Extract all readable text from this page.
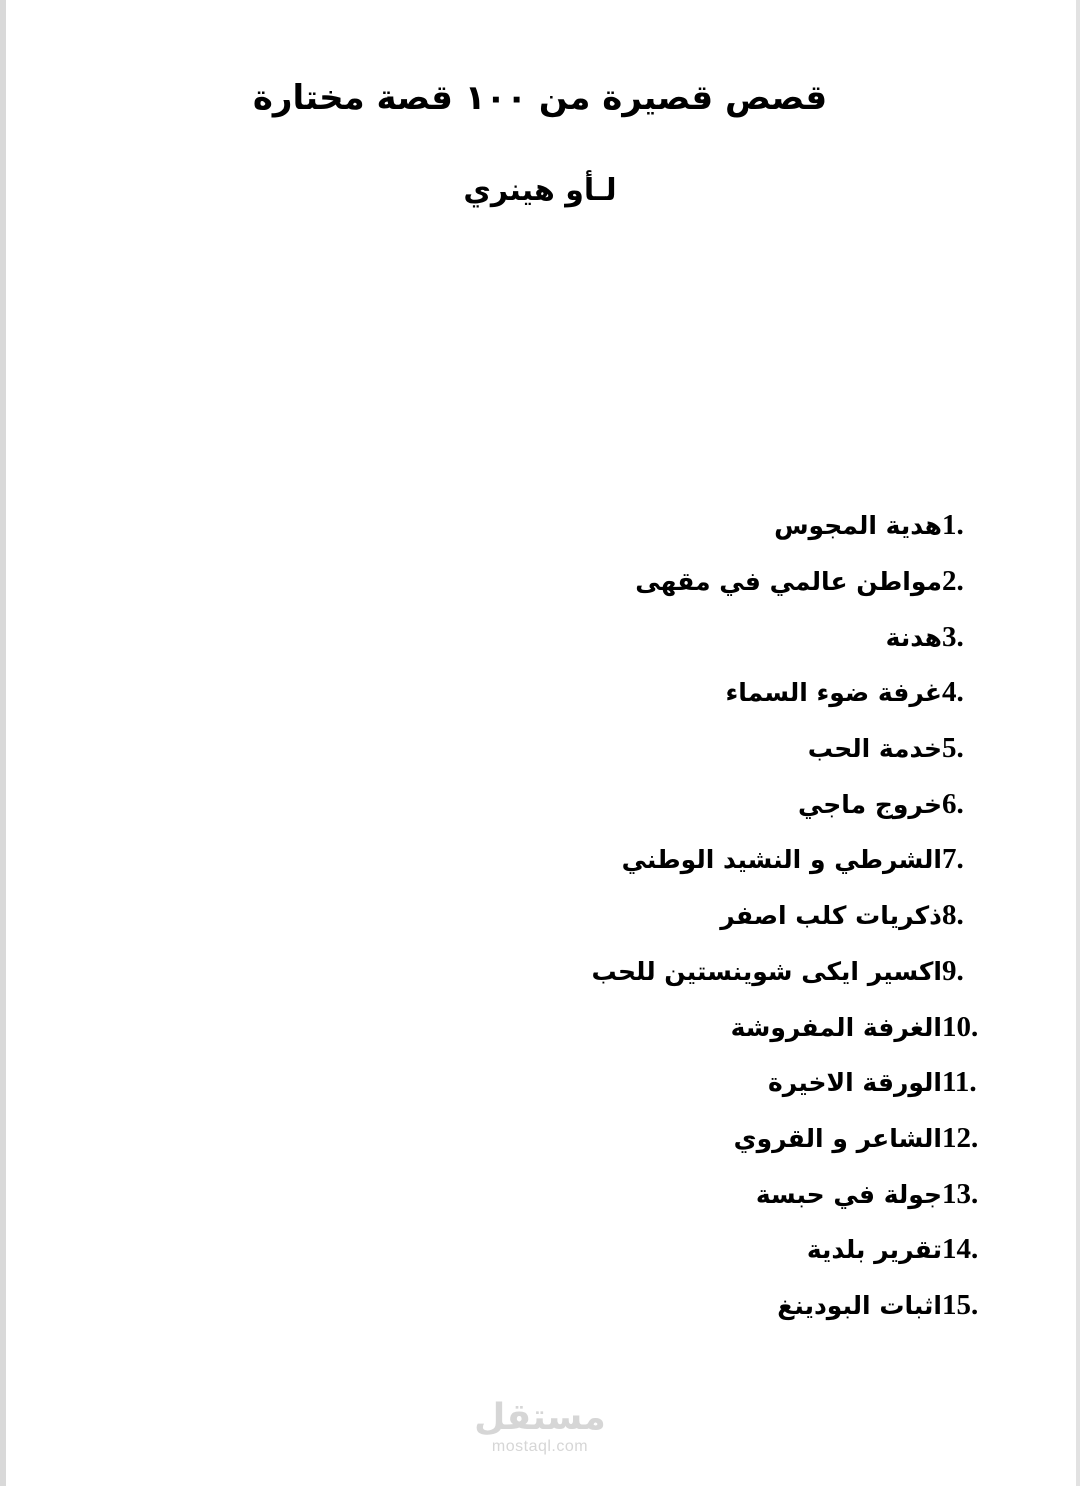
قصص قصيرة من ١٠٠ قصة مختارة
لـأو هينري
1.
هدية المجوس
2.
مواطن عالمي في مقهى
3.
هدنة
4.
غرفة ضوء السماء
5.
خدمة الحب
6.
خروج ماجي
7.
الشرطي و النشيد الوطني
8.
ذكريات كلب اصفر
9.
اكسير ايكى شوينستين للحب
10.
الغرفة المفروشة
11.
الورقة الاخيرة
12.
الشاعر و القروي
13.
جولة في حبسة
14.
تقرير بلدية
15.
اثبات البودينغ
مستقل
mostaql.com
